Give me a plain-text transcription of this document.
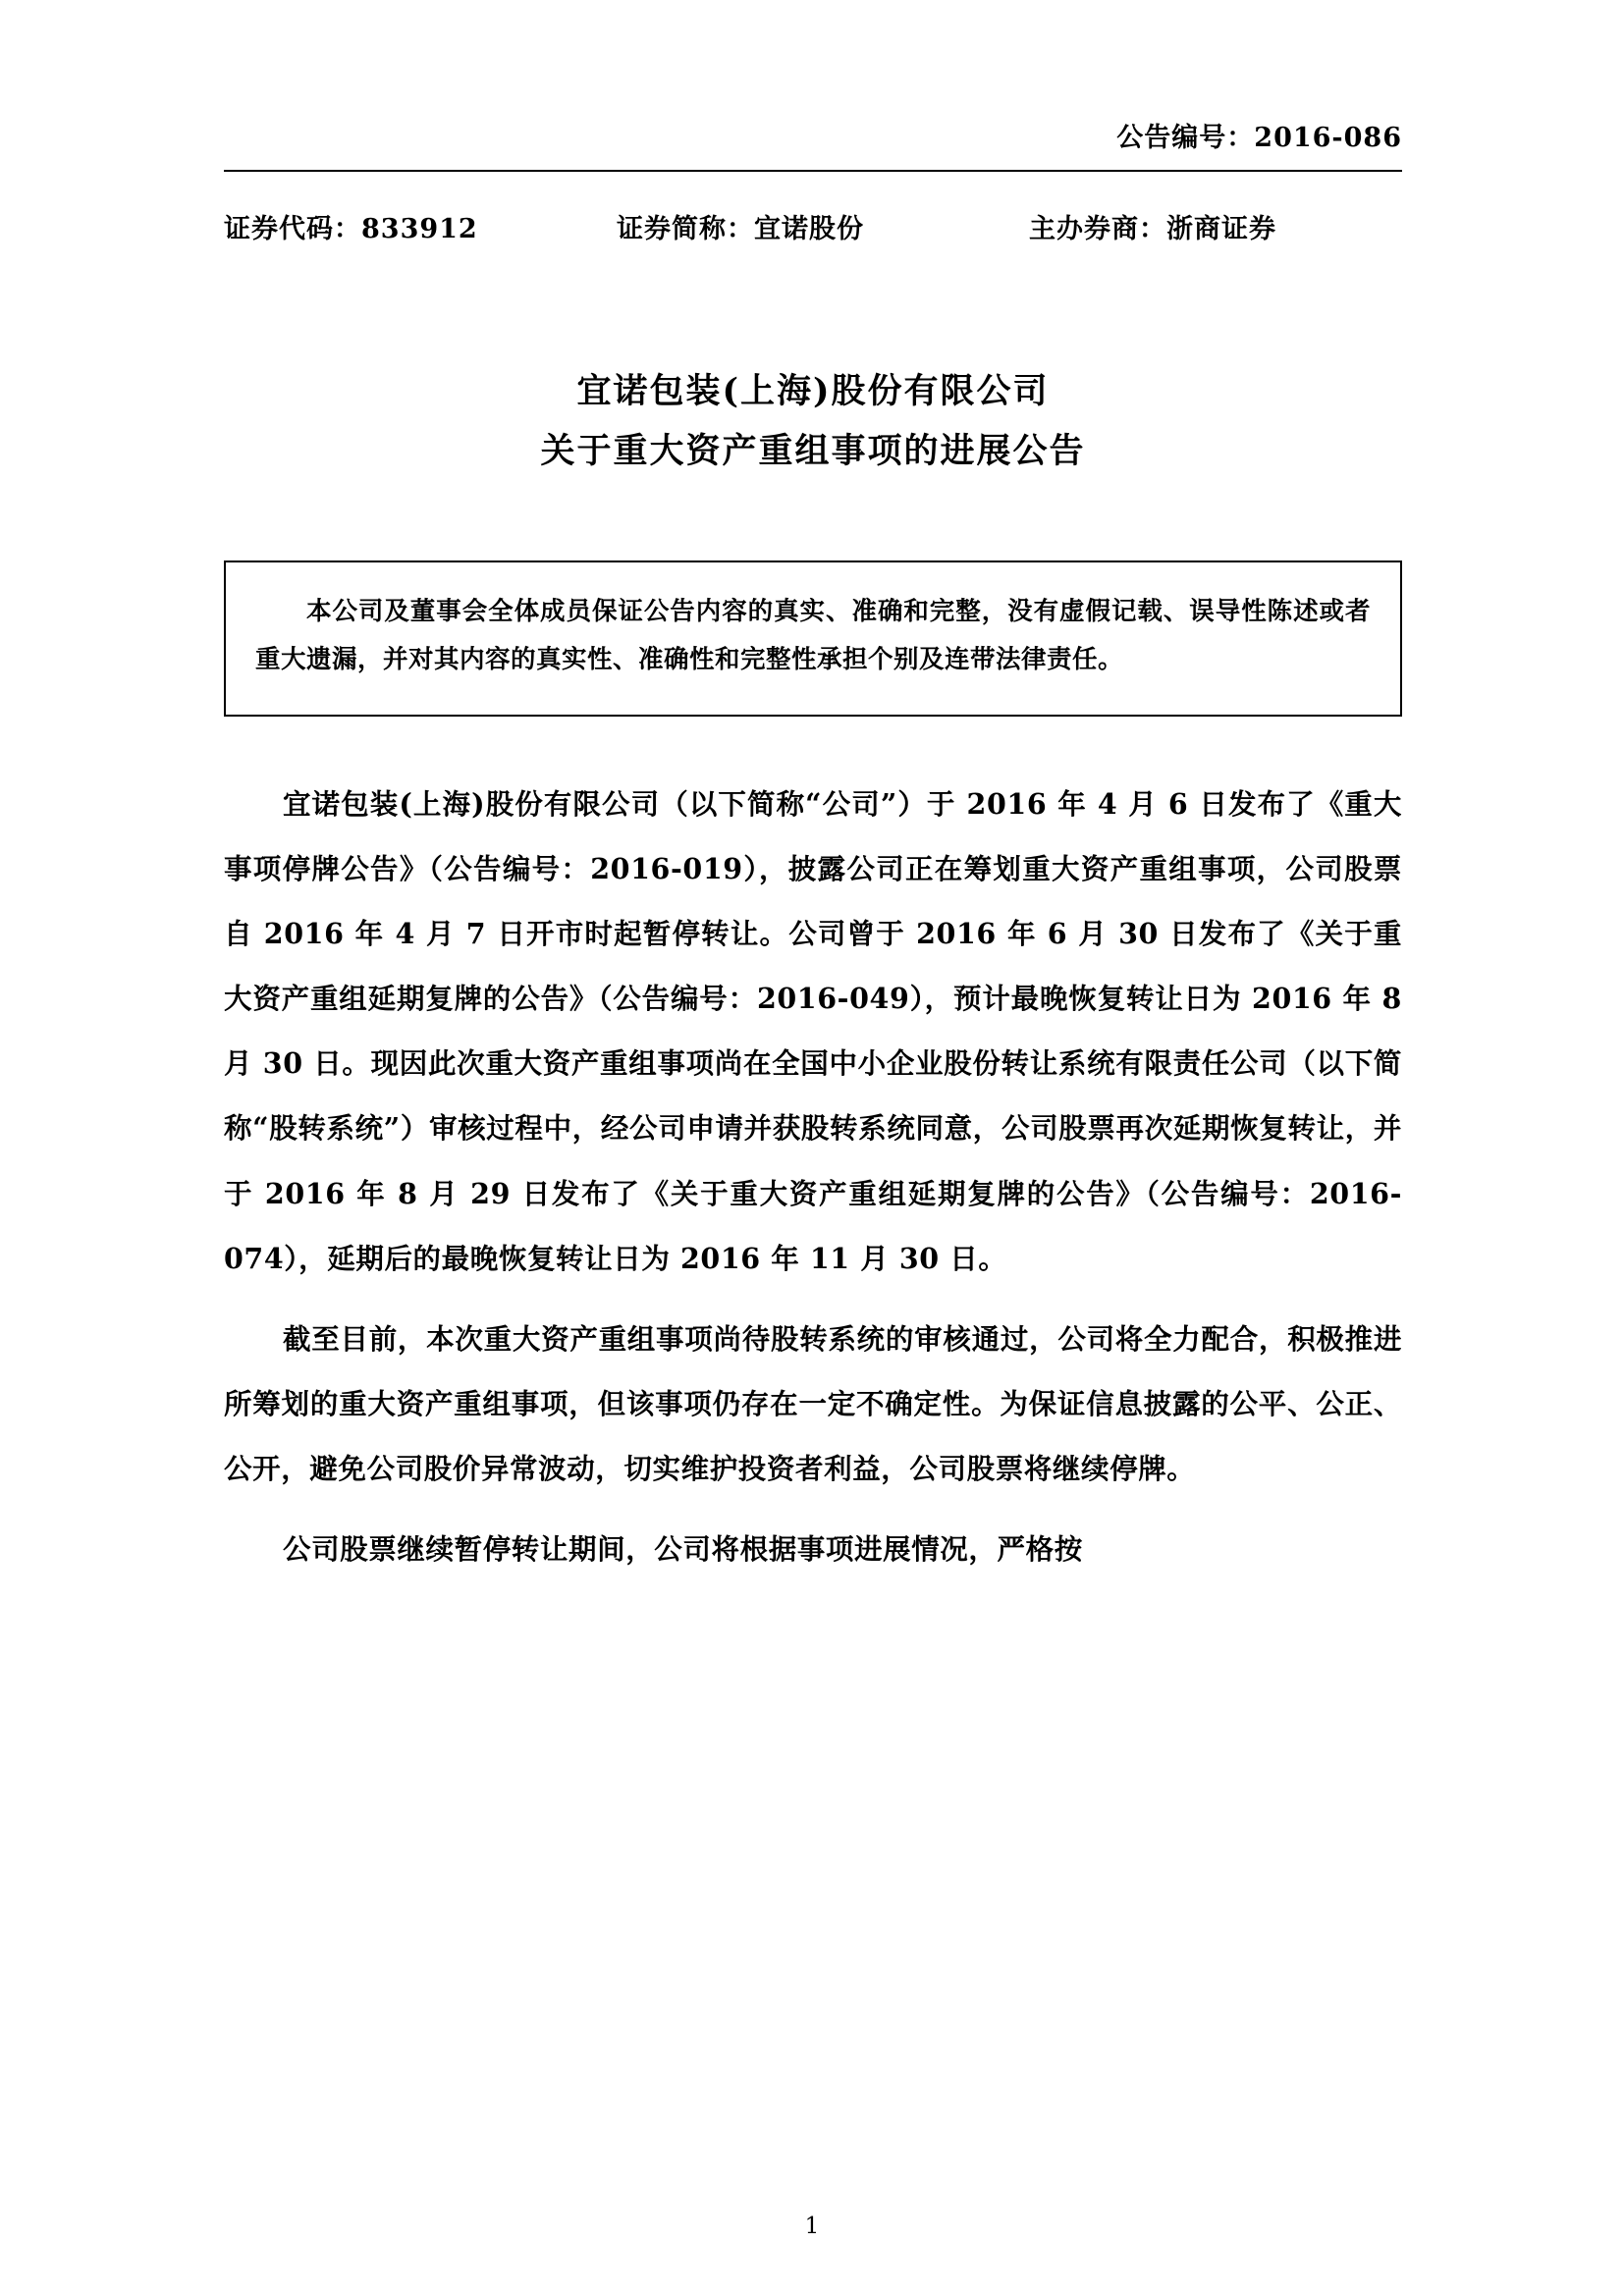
公告编号：2016-086
证券代码：833912	证券简称：宜诺股份	主办券商：浙商证券
宜诺包装(上海)股份有限公司
关于重大资产重组事项的进展公告

本公司及董事会全体成员保证公告内容的真实、准确和完整，没有虚假记载、误导性陈述或者重大遗漏，并对其内容的真实性、准确性和完整性承担个别及连带法律责任。

宜诺包装(上海)股份有限公司（以下简称“公司”）于 2016 年 4 月 6 日发布了《重大事项停牌公告》（公告编号：2016-019），披露公司正在筹划重大资产重组事项，公司股票自 2016 年 4 月 7 日开市时起暂停转让。公司曾于 2016 年 6 月 30 日发布了《关于重大资产重组延期复牌的公告》（公告编号：2016-049），预计最晚恢复转让日为 2016 年 8 月 30 日。现因此次重大资产重组事项尚在全国中小企业股份转让系统有限责任公司（以下简称“股转系统”）审核过程中，经公司申请并获股转系统同意，公司股票再次延期恢复转让，并于 2016 年 8 月 29 日发布了《关于重大资产重组延期复牌的公告》（公告编号：2016-074），延期后的最晚恢复转让日为 2016 年 11 月 30 日。

截至目前，本次重大资产重组事项尚待股转系统的审核通过，公司将全力配合，积极推进所筹划的重大资产重组事项，但该事项仍存在一定不确定性。为保证信息披露的公平、公正、公开，避免公司股价异常波动，切实维护投资者利益，公司股票将继续停牌。

公司股票继续暂停转让期间，公司将根据事项进展情况，严格按

1
